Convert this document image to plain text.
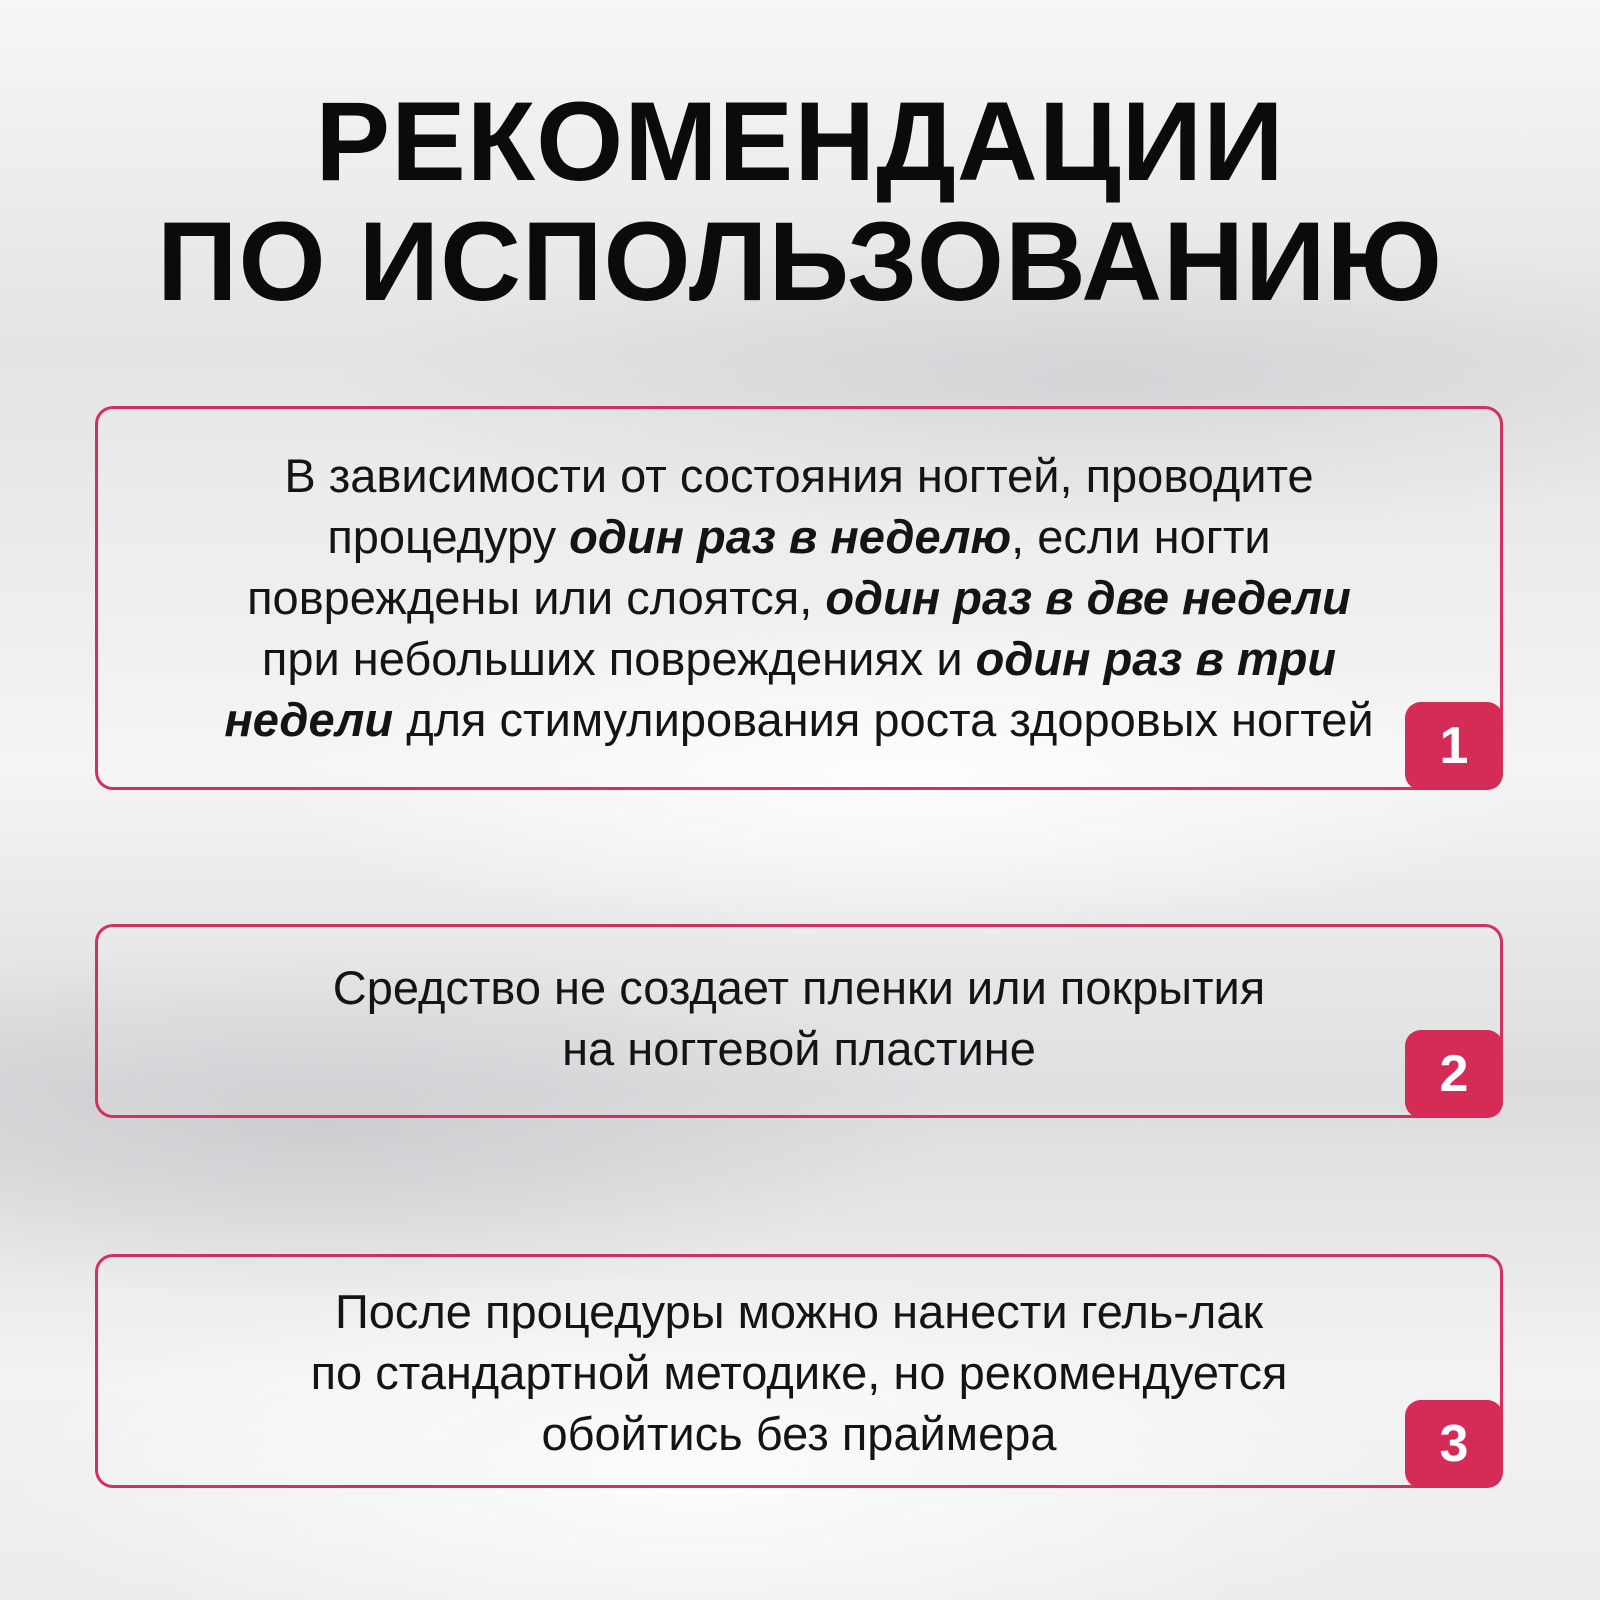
РЕКОМЕНДАЦИИ
ПО ИСПОЛЬЗОВАНИЮ

В зависимости от состояния ногтей, проводите
процедуру один раз в неделю, если ногти
повреждены или слоятся, один раз в две недели
при небольших повреждениях и один раз в три
недели для стимулирования роста здоровых ногтей	1

Средство не создает пленки или покрытия
на ногтевой пластине	2

После процедуры можно нанести гель-лак
по стандартной методике, но рекомендуется
обойтись без праймера	3
